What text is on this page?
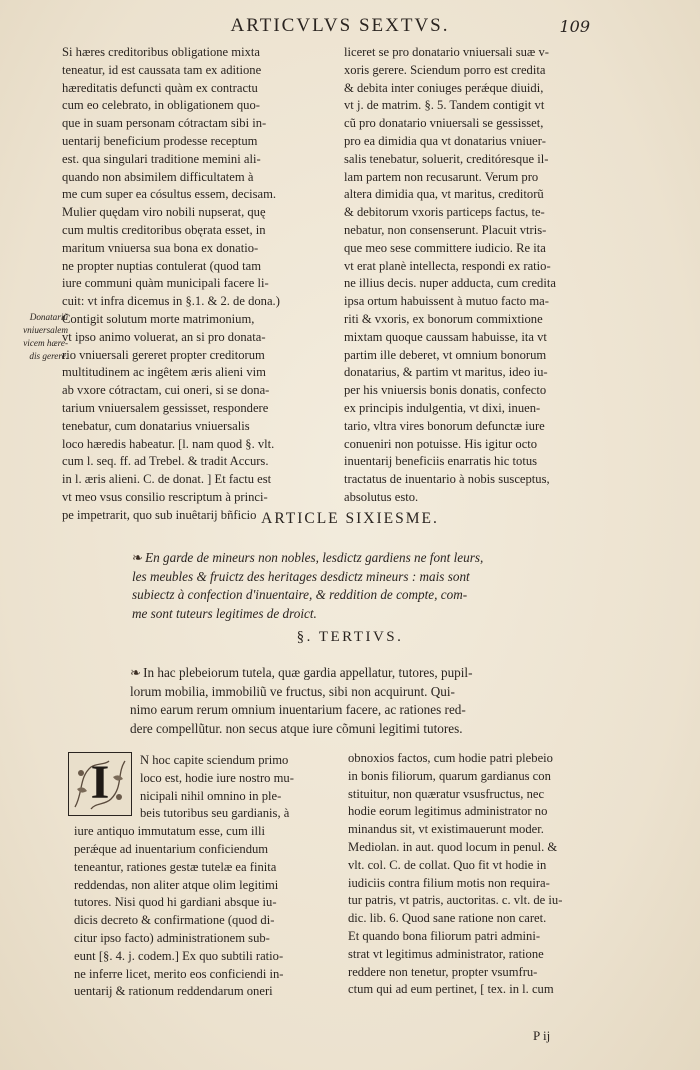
ARTICVLVS SEXTVS.	109
Donatariũ
vniuersalem
vicem hære-
dis gerere.
Si hæres creditoribus obligatione mixta
teneatur, id est caussata tam ex aditione
hæreditatis defuncti quàm ex contractu
cum eo celebrato, in obligationem quo-
que in suam personam cótractam sibi in-
uentarij beneficium prodesse receptum
est. qua singulari traditione memini ali-
quando non absimilem difficultatem à
me cum super ea cósultus essem, decisam.
Mulier quędam viro nobili nupserat, quę
cum multis creditoribus obęrata esset, in
maritum vniuersa sua bona ex donatio-
ne propter nuptias contulerat (quod tam
iure communi quàm municipali facere li-
cuit: vt infra dicemus in §.1. & 2. de dona.)
Contigit solutum morte matrimonium,
vt ipso animo voluerat, an si pro donata-
rio vniuersali gereret propter creditorum
multitudinem ac ingêtem æris alieni vim
ab vxore cótractam, cui oneri, si se dona-
tarium vniuersalem gessisset, respondere
tenebatur, cum donatarius vniuersalis
loco hæredis habeatur. [l. nam quod §. vlt.
cum l. seq. ff. ad Trebel. & tradit Accurs.
in l. æris alieni. C. de donat. ] Et factu est
vt meo vsus consilio rescriptum à princi-
pe impetrarit, quo sub inuêtarij bñficio
liceret se pro donatario vniuersali suæ v-
xoris gerere. Sciendum porro est credita
& debita inter coniuges perǽque diuidi,
vt j. de matrim. §. 5. Tandem contigit vt
cũ pro donatario vniuersali se gessisset,
pro ea dimidia qua vt donatarius vniuer-
salis tenebatur, soluerit, creditóresque il-
lam partem non recusarunt. Verum pro
altera dimidia qua, vt maritus, creditorũ
& debitorum vxoris particeps factus, te-
nebatur, non consenserunt. Placuit vtris-
que meo sese committere iudicio. Re ita
vt erat planè intellecta, respondi ex ratio-
ne illius decis. nuper adducta, cum credita
ipsa ortum habuissent à mutuo facto ma-
riti & vxoris, ex bonorum commixtione
mixtam quoque caussam habuisse, ita vt
partim ille deberet, vt omnium bonorum
donatarius, & partim vt maritus, ideo iu-
per his vniuersis bonis donatis, confecto
ex principis indulgentia, vt dixi, inuen-
tario, vltra vires bonorum defunctæ iure
conueniri non potuisse. His igitur octo
inuentarij beneficiis enarratis hic totus
tractatus de inuentario à nobis susceptus,
absolutus esto.
ARTICLE SIXIESME.
❧ En garde de mineurs non nobles, lesdictz gardiens ne font leurs,
les meubles & fruictz des heritages desdictz mineurs : mais sont
subiectz à confection d'inuentaire, & reddition de compte, com-
me sont tuteurs legitimes de droict.
§. TERTIVS.
❧ In hac plebeiorum tutela, quæ gardia appellatur, tutores, pupil-
lorum mobilia, immobiliũ ve fructus, sibi non acquirunt. Qui-
nimo earum rerum omnium inuentarium facere, ac rationes red-
dere compellũtur. non secus atque iure cõmuni legitimi tutores.
I	N hoc capite sciendum primo
loco est, hodie iure nostro mu-
nicipali nihil omnino in ple-
beis tutoribus seu gardianis, à
iure antiquo immutatum esse, cum illi
perǽque ad inuentarium conficiendum
teneantur, rationes gestæ tutelæ ea finita
reddendas, non aliter atque olim legitimi
tutores. Nisi quod hi gardiani absque iu-
dicis decreto & confirmatione (quod di-
citur ipso facto) administrationem sub-
eunt [§. 4. j. codem.] Ex quo subtili ratio-
ne inferre licet, merito eos conficiendi in-
uentarij & rationum reddendarum oneri
obnoxios factos, cum hodie patri plebeio
in bonis filiorum, quarum gardianus con
stituitur, non quæratur vsusfructus, nec
hodie eorum legitimus administrator no
minandus sit, vt existimauerunt moder.
Mediolan. in aut. quod locum in penul. &
vlt. col. C. de collat. Quo fit vt hodie in
iudiciis contra filium motis non requira-
tur patris, vt patris, auctoritas. c. vlt. de iu-
dic. lib. 6. Quod sane ratione non caret.
Et quando bona filiorum patri admini-
strat vt legitimus administrator, ratione
reddere non tenetur, propter vsumfru-
ctum qui ad eum pertinet, [ tex. in l. cum
P ij
